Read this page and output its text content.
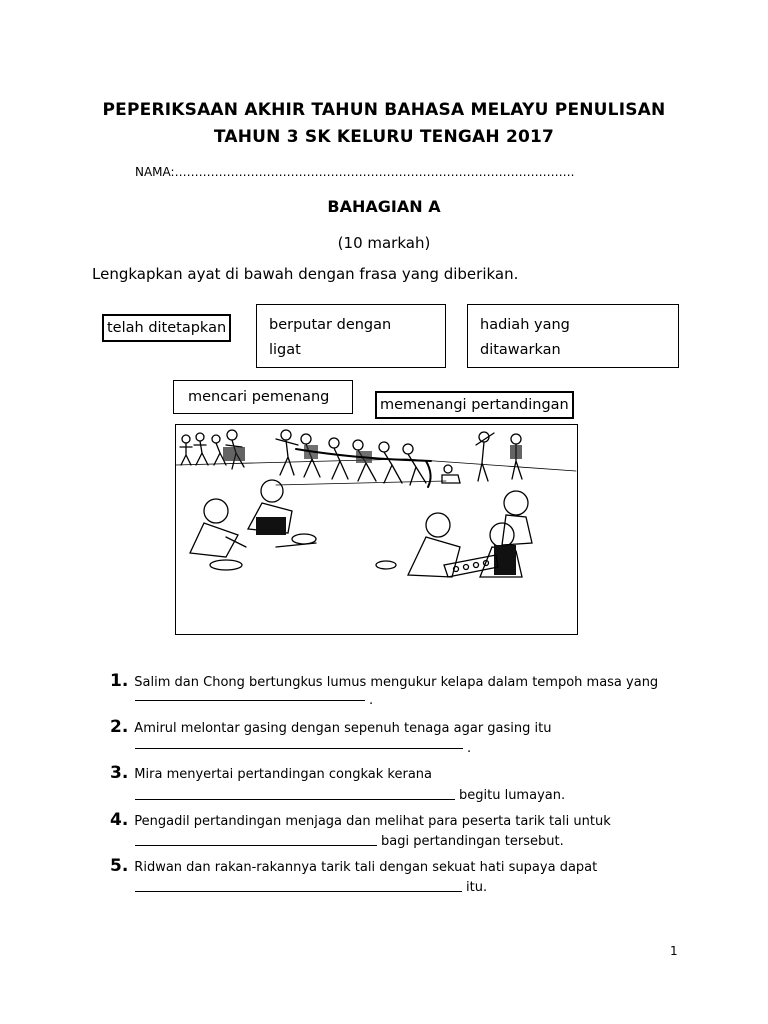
PEPERIKSAAN AKHIR TAHUN BAHASA MELAYU PENULISAN
TAHUN 3 SK KELURU TENGAH 2017
NAMA:……………………………………………………………………………………….
BAHAGIAN A
(10 markah)
Lengkapkan ayat di bawah dengan frasa yang diberikan.
telah ditetapkan	berputar dengan
ligat
hadiah yang
ditawarkan
mencari pemenang	memenangi pertandingan
1. Salim dan Chong bertungkus lumus mengukur kelapa dalam tempoh masa yang
.
2. Amirul melontar gasing dengan sepenuh tenaga agar gasing itu
.
3. Mira menyertai pertandingan congkak kerana
begitu lumayan.
4. Pengadil pertandingan menjaga dan melihat para peserta tarik tali untuk
bagi pertandingan tersebut.
5. Ridwan dan rakan-rakannya tarik tali dengan sekuat hati supaya dapat
itu.
1
